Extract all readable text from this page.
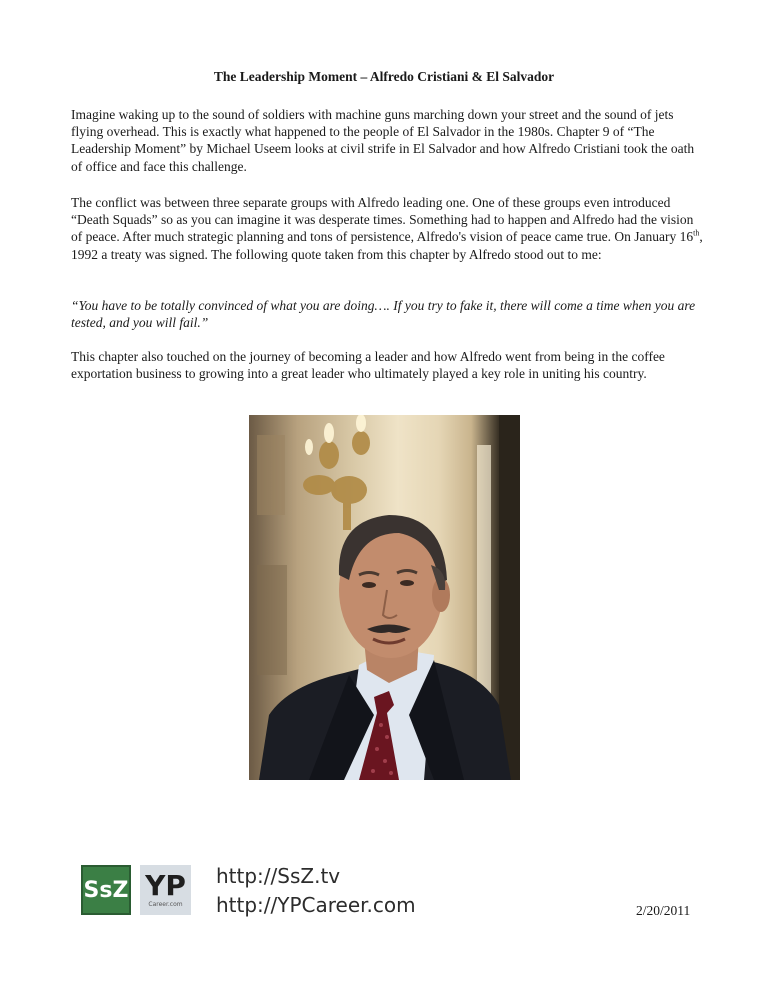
The Leadership Moment – Alfredo Cristiani & El Salvador

Imagine waking up to the sound of soldiers with machine guns marching down your street and the sound of jets flying overhead. This is exactly what happened to the people of El Salvador in the 1980s. Chapter 9 of “The Leadership Moment” by Michael Useem looks at civil strife in El Salvador and how Alfredo Cristiani took the oath of office and face this challenge.

The conflict was between three separate groups with Alfredo leading one. One of these groups even introduced “Death Squads” so as you can imagine it was desperate times. Something had to happen and Alfredo had the vision of peace. After much strategic planning and tons of persistence, Alfredo's vision of peace came true. On January 16th, 1992 a treaty was signed. The following quote taken from this chapter by Alfredo stood out to me:

“You have to be totally convinced of what you are doing…. If you try to fake it, there will come a time when you are tested, and you will fail.”

This chapter also touched on the journey of becoming a leader and how Alfredo went from being in the coffee exportation business to growing into a great leader who ultimately played a key role in uniting his country.

SsZ YP
Career.com
http://SsZ.tv
http://YPCareer.com	2/20/2011
